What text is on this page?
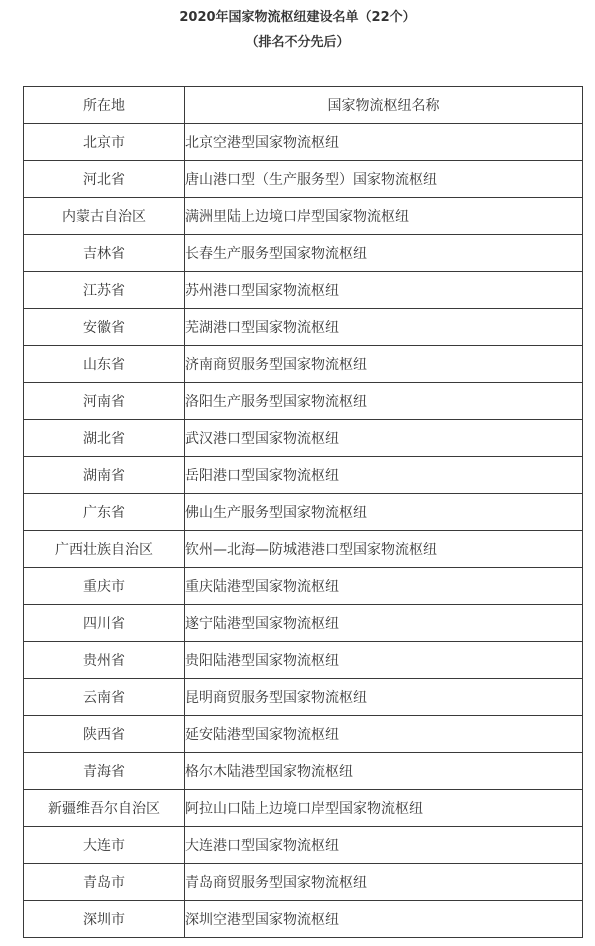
2020年国家物流枢纽建设名单（22个）
（排名不分先后）
所在地	国家物流枢纽名称
北京市	北京空港型国家物流枢纽
河北省	唐山港口型（生产服务型）国家物流枢纽
内蒙古自治区	满洲里陆上边境口岸型国家物流枢纽
吉林省	长春生产服务型国家物流枢纽
江苏省	苏州港口型国家物流枢纽
安徽省	芜湖港口型国家物流枢纽
山东省	济南商贸服务型国家物流枢纽
河南省	洛阳生产服务型国家物流枢纽
湖北省	武汉港口型国家物流枢纽
湖南省	岳阳港口型国家物流枢纽
广东省	佛山生产服务型国家物流枢纽
广西壮族自治区	钦州—北海—防城港港口型国家物流枢纽
重庆市	重庆陆港型国家物流枢纽
四川省	遂宁陆港型国家物流枢纽
贵州省	贵阳陆港型国家物流枢纽
云南省	昆明商贸服务型国家物流枢纽
陕西省	延安陆港型国家物流枢纽
青海省	格尔木陆港型国家物流枢纽
新疆维吾尔自治区	阿拉山口陆上边境口岸型国家物流枢纽
大连市	大连港口型国家物流枢纽
青岛市	青岛商贸服务型国家物流枢纽
深圳市	深圳空港型国家物流枢纽
